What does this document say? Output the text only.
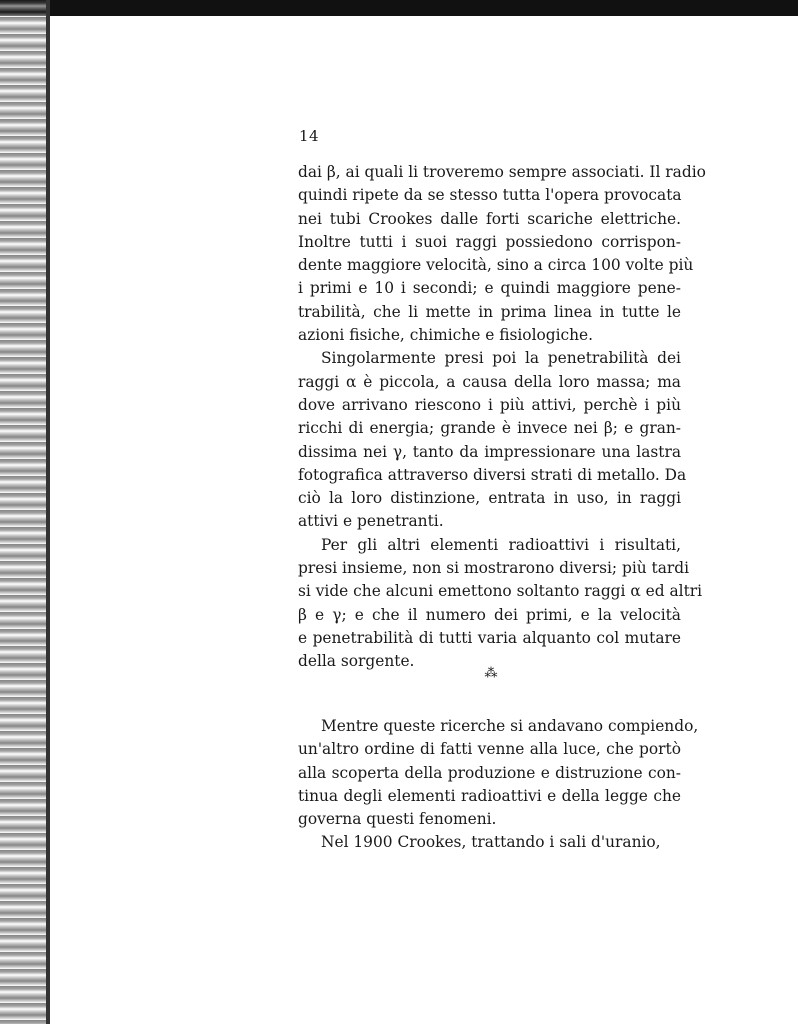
14
dai β, ai quali li troveremo sempre associati. Il radio
quindi ripete da se stesso tutta l'opera provocata
nei tubi Crookes dalle forti scariche elettriche.
Inoltre tutti i suoi raggi possiedono corrispon-
dente maggiore velocità, sino a circa 100 volte più
i primi e 10 i secondi; e quindi maggiore pene-
trabilità, che li mette in prima linea in tutte le
azioni fisiche, chimiche e fisiologiche.
Singolarmente presi poi la penetrabilità dei
raggi α è piccola, a causa della loro massa; ma
dove arrivano riescono i più attivi, perchè i più
ricchi di energia; grande è invece nei β; e gran-
dissima nei γ, tanto da impressionare una lastra
fotografica attraverso diversi strati di metallo. Da
ciò la loro distinzione, entrata in uso, in raggi
attivi e penetranti.
Per gli altri elementi radioattivi i risultati,
presi insieme, non si mostrarono diversi; più tardi
si vide che alcuni emettono soltanto raggi α ed altri
β e γ; e che il numero dei primi, e la velocità
e penetrabilità di tutti varia alquanto col mutare
della sorgente.
⁂
Mentre queste ricerche si andavano compiendo,
un'altro ordine di fatti venne alla luce, che portò
alla scoperta della produzione e distruzione con-
tinua degli elementi radioattivi e della legge che
governa questi fenomeni.
Nel 1900 Crookes, trattando i sali d'uranio,
